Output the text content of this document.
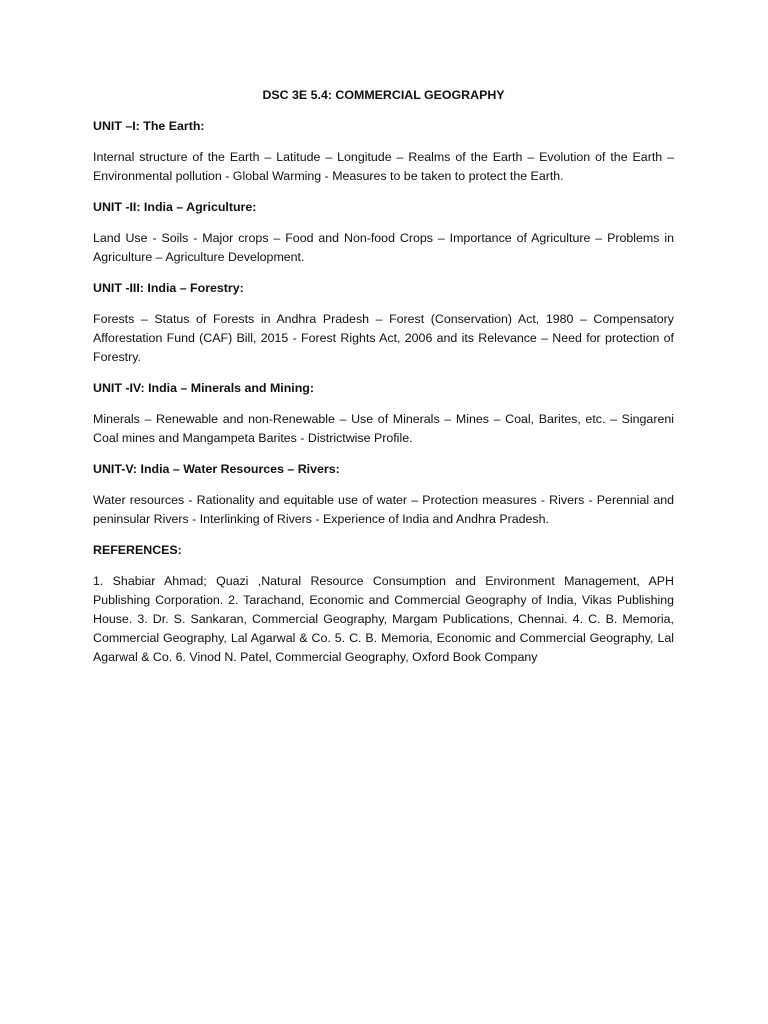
DSC 3E 5.4: COMMERCIAL GEOGRAPHY

UNIT –I: The Earth:

Internal structure of the Earth – Latitude – Longitude – Realms of the Earth – Evolution of the Earth – Environmental pollution - Global Warming - Measures to be taken to protect the Earth.

UNIT -II: India – Agriculture:

Land Use - Soils - Major crops – Food and Non-food Crops – Importance of Agriculture – Problems in Agriculture – Agriculture Development.

UNIT -III: India – Forestry:

Forests – Status of Forests in Andhra Pradesh – Forest (Conservation) Act, 1980 – Compensatory Afforestation Fund (CAF) Bill, 2015 - Forest Rights Act, 2006 and its Relevance – Need for protection of Forestry.

UNIT -IV: India – Minerals and Mining:

Minerals – Renewable and non-Renewable – Use of Minerals – Mines – Coal, Barites, etc. – Singareni Coal mines and Mangampeta Barites - Districtwise Profile.

UNIT-V: India – Water Resources – Rivers:

Water resources - Rationality and equitable use of water – Protection measures - Rivers - Perennial and peninsular Rivers - Interlinking of Rivers - Experience of India and Andhra Pradesh.

REFERENCES:

1. Shabiar Ahmad; Quazi ,Natural Resource Consumption and Environment Management, APH Publishing Corporation. 2. Tarachand, Economic and Commercial Geography of India, Vikas Publishing House. 3. Dr. S. Sankaran, Commercial Geography, Margam Publications, Chennai. 4. C. B. Memoria, Commercial Geography, Lal Agarwal & Co. 5. C. B. Memoria, Economic and Commercial Geography, Lal Agarwal & Co. 6. Vinod N. Patel, Commercial Geography, Oxford Book Company
